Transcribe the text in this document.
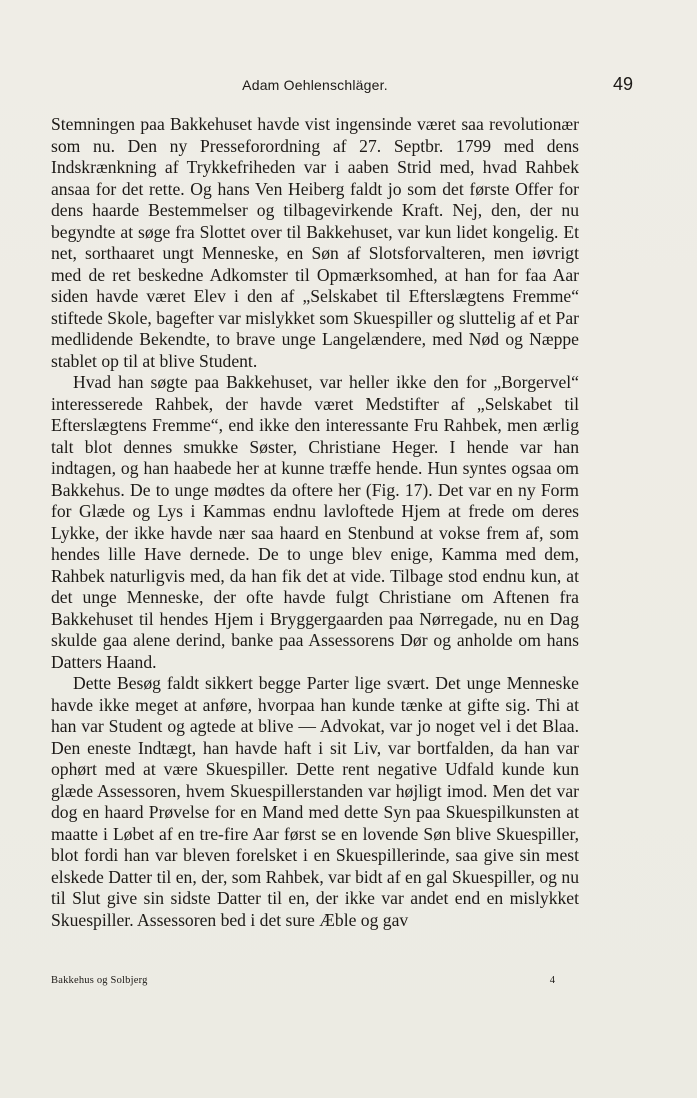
Adam Oehlenschläger.	49

Stemningen paa Bakkehuset havde vist ingensinde været saa revolutionær som nu. Den ny Presseforordning af 27. Septbr. 1799 med dens Indskrænkning af Trykkefriheden var i aaben Strid med, hvad Rahbek ansaa for det rette. Og hans Ven Heiberg faldt jo som det første Offer for dens haarde Bestemmelser og tilbagevirkende Kraft. Nej, den, der nu begyndte at søge fra Slottet over til Bakkehuset, var kun lidet kongelig. Et net, sorthaaret ungt Menneske, en Søn af Slotsforvalteren, men iøvrigt med de ret beskedne Adkomster til Opmærksomhed, at han for faa Aar siden havde været Elev i den af „Selskabet til Efterslægtens Fremme“ stiftede Skole, bagefter var mislykket som Skuespiller og sluttelig af et Par medlidende Bekendte, to brave unge Langelændere, med Nød og Næppe stablet op til at blive Student.

Hvad han søgte paa Bakkehuset, var heller ikke den for „Borgervel“ interesserede Rahbek, der havde været Medstifter af „Selskabet til Efterslægtens Fremme“, end ikke den interessante Fru Rahbek, men ærlig talt blot dennes smukke Søster, Christiane Heger. I hende var han indtagen, og han haabede her at kunne træffe hende. Hun syntes ogsaa om Bakkehus. De to unge mødtes da oftere her (Fig. 17). Det var en ny Form for Glæde og Lys i Kammas endnu lavloftede Hjem at frede om deres Lykke, der ikke havde nær saa haard en Stenbund at vokse frem af, som hendes lille Have dernede. De to unge blev enige, Kamma med dem, Rahbek naturligvis med, da han fik det at vide. Tilbage stod endnu kun, at det unge Menneske, der ofte havde fulgt Christiane om Aftenen fra Bakkehuset til hendes Hjem i Bryggergaarden paa Nørregade, nu en Dag skulde gaa alene derind, banke paa Assessorens Dør og anholde om hans Datters Haand.

Dette Besøg faldt sikkert begge Parter lige svært. Det unge Menneske havde ikke meget at anføre, hvorpaa han kunde tænke at gifte sig. Thi at han var Student og agtede at blive — Advokat, var jo noget vel i det Blaa. Den eneste Indtægt, han havde haft i sit Liv, var bortfalden, da han var ophørt med at være Skuespiller. Dette rent negative Udfald kunde kun glæde Assessoren, hvem Skuespillerstanden var højligt imod. Men det var dog en haard Prøvelse for en Mand med dette Syn paa Skuespilkunsten at maatte i Løbet af en tre-fire Aar først se en lovende Søn blive Skuespiller, blot fordi han var bleven forelsket i en Skuespillerinde, saa give sin mest elskede Datter til en, der, som Rahbek, var bidt af en gal Skuespiller, og nu til Slut give sin sidste Datter til en, der ikke var andet end en mislykket Skuespiller. Assessoren bed i det sure Æble og gav

Bakkehus og Solbjerg	4
